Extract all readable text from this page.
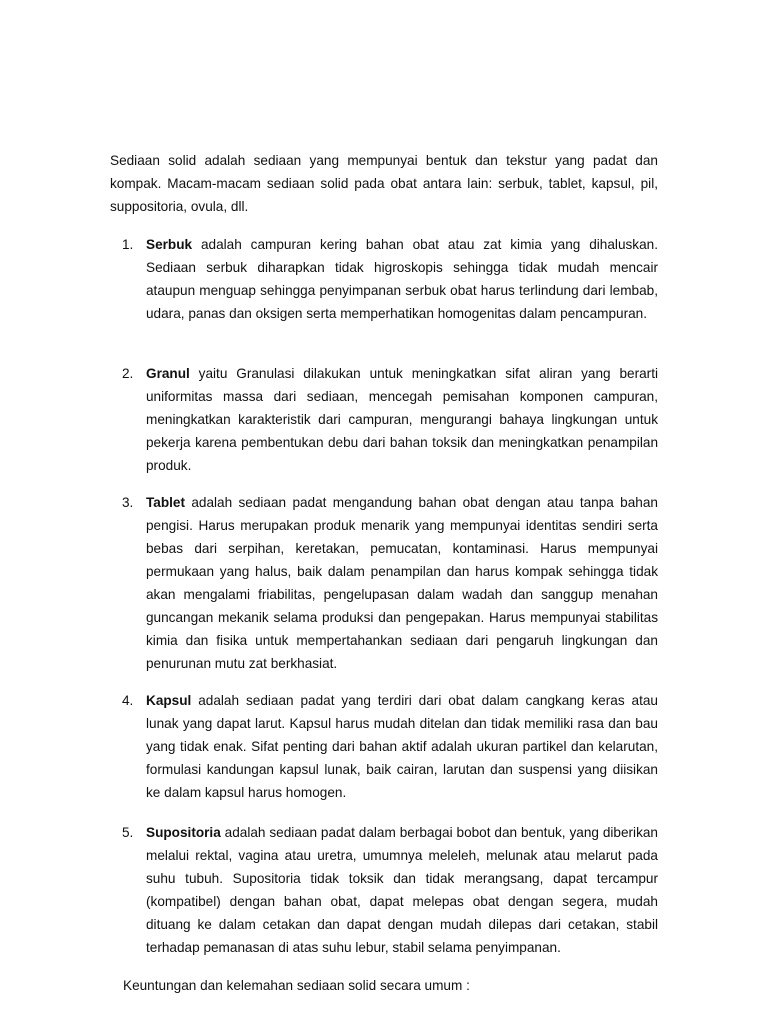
Sediaan solid adalah sediaan yang mempunyai bentuk dan tekstur yang padat dan kompak. Macam-macam sediaan solid pada obat antara lain: serbuk, tablet, kapsul, pil, suppositoria, ovula, dll.

1. Serbuk adalah campuran kering bahan obat atau zat kimia yang dihaluskan. Sediaan serbuk diharapkan tidak higroskopis sehingga tidak mudah mencair ataupun menguap sehingga penyimpanan serbuk obat harus terlindung dari lembab, udara, panas dan oksigen serta memperhatikan homogenitas dalam pencampuran.

2. Granul yaitu Granulasi dilakukan untuk meningkatkan sifat aliran yang berarti uniformitas massa dari sediaan, mencegah pemisahan komponen campuran, meningkatkan karakteristik dari campuran, mengurangi bahaya lingkungan untuk pekerja karena pembentukan debu dari bahan toksik dan meningkatkan penampilan produk.

3. Tablet adalah sediaan padat mengandung bahan obat dengan atau tanpa bahan pengisi. Harus merupakan produk menarik yang mempunyai identitas sendiri serta bebas dari serpihan, keretakan, pemucatan, kontaminasi. Harus mempunyai permukaan yang halus, baik dalam penampilan dan harus kompak sehingga tidak akan mengalami friabilitas, pengelupasan dalam wadah dan sanggup menahan guncangan mekanik selama produksi dan pengepakan. Harus mempunyai stabilitas kimia dan fisika untuk mempertahankan sediaan dari pengaruh lingkungan dan penurunan mutu zat berkhasiat.

4. Kapsul adalah sediaan padat yang terdiri dari obat dalam cangkang keras atau lunak yang dapat larut. Kapsul harus mudah ditelan dan tidak memiliki rasa dan bau yang tidak enak. Sifat penting dari bahan aktif adalah ukuran partikel dan kelarutan, formulasi kandungan kapsul lunak, baik cairan, larutan dan suspensi yang diisikan ke dalam kapsul harus homogen.

5. Supositoria adalah sediaan padat dalam berbagai bobot dan bentuk, yang diberikan melalui rektal, vagina atau uretra, umumnya meleleh, melunak atau melarut pada suhu tubuh. Supositoria tidak toksik dan tidak merangsang, dapat tercampur (kompatibel) dengan bahan obat, dapat melepas obat dengan segera, mudah dituang ke dalam cetakan dan dapat dengan mudah dilepas dari cetakan, stabil terhadap pemanasan di atas suhu lebur, stabil selama penyimpanan.

Keuntungan dan kelemahan sediaan solid secara umum :
